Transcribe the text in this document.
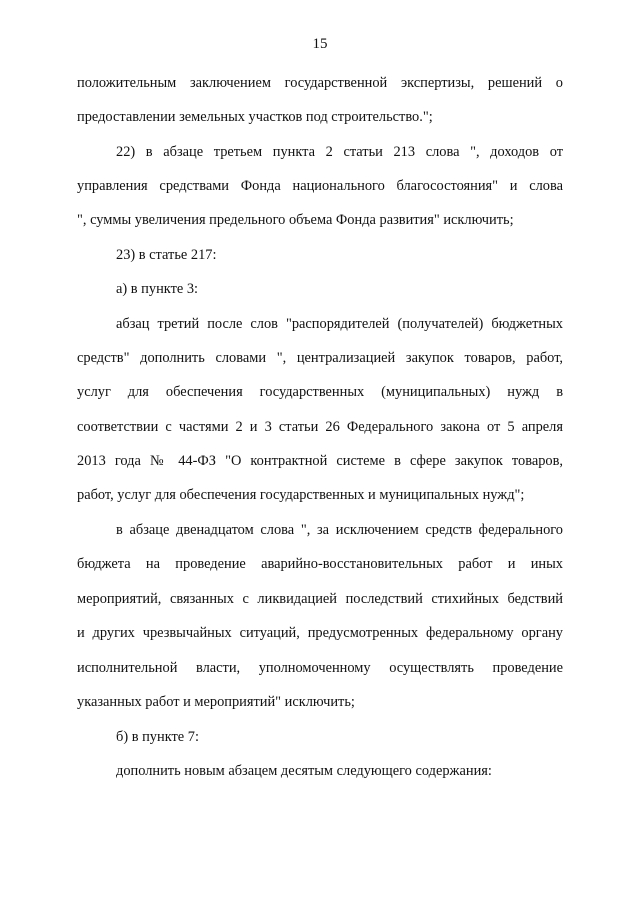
15
положительным заключением государственной экспертизы, решений о
предоставлении земельных участков под строительство.";
22) в абзаце третьем пункта 2 статьи 213 слова ", доходов от
управления средствами Фонда национального благосостояния" и слова
", суммы увеличения предельного объема Фонда развития" исключить;
23) в статье 217:
а) в пункте 3:
абзац третий после слов "распорядителей (получателей) бюджетных
средств" дополнить словами ", централизацией закупок товаров, работ,
услуг для обеспечения государственных (муниципальных) нужд в
соответствии с частями 2 и 3 статьи 26 Федерального закона от 5 апреля
2013 года № 44-ФЗ "О контрактной системе в сфере закупок товаров,
работ, услуг для обеспечения государственных и муниципальных нужд";
в абзаце двенадцатом слова ", за исключением средств федерального
бюджета на проведение аварийно-восстановительных работ и иных
мероприятий, связанных с ликвидацией последствий стихийных бедствий
и других чрезвычайных ситуаций, предусмотренных федеральному органу
исполнительной власти, уполномоченному осуществлять проведение
указанных работ и мероприятий" исключить;
б) в пункте 7:
дополнить новым абзацем десятым следующего содержания:
